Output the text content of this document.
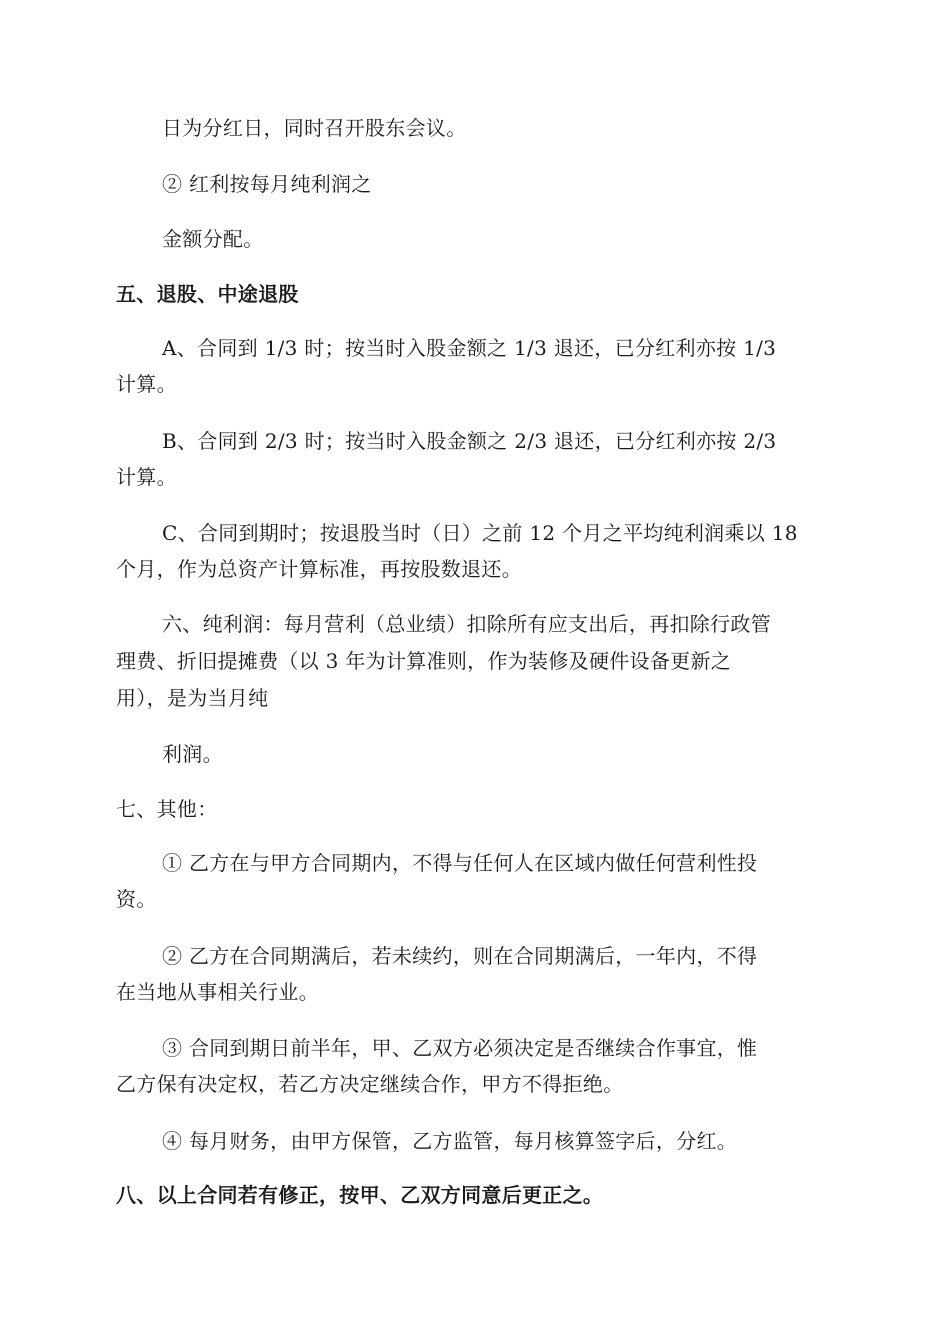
日为分红日，同时召开股东会议。
② 红利按每月纯利润之
金额分配。
五、退股、中途退股
A、合同到 1/3 时；按当时入股金额之 1/3 退还，已分红利亦按 1/3
计算。
B、合同到 2/3 时；按当时入股金额之 2/3 退还，已分红利亦按 2/3
计算。
C、合同到期时；按退股当时（日）之前 12 个月之平均纯利润乘以 18
个月，作为总资产计算标准，再按股数退还。
六、纯利润：每月营利（总业绩）扣除所有应支出后，再扣除行政管
理费、折旧提摊费（以 3 年为计算准则，作为装修及硬件设备更新之
用），是为当月纯
利润。
七、其他：
① 乙方在与甲方合同期内，不得与任何人在区域内做任何营利性投
资。
② 乙方在合同期满后，若未续约，则在合同期满后，一年内，不得
在当地从事相关行业。
③ 合同到期日前半年，甲、乙双方必须决定是否继续合作事宜，惟
乙方保有决定权，若乙方决定继续合作，甲方不得拒绝。
④ 每月财务，由甲方保管，乙方监管，每月核算签字后，分红。
八、以上合同若有修正，按甲、乙双方同意后更正之。
